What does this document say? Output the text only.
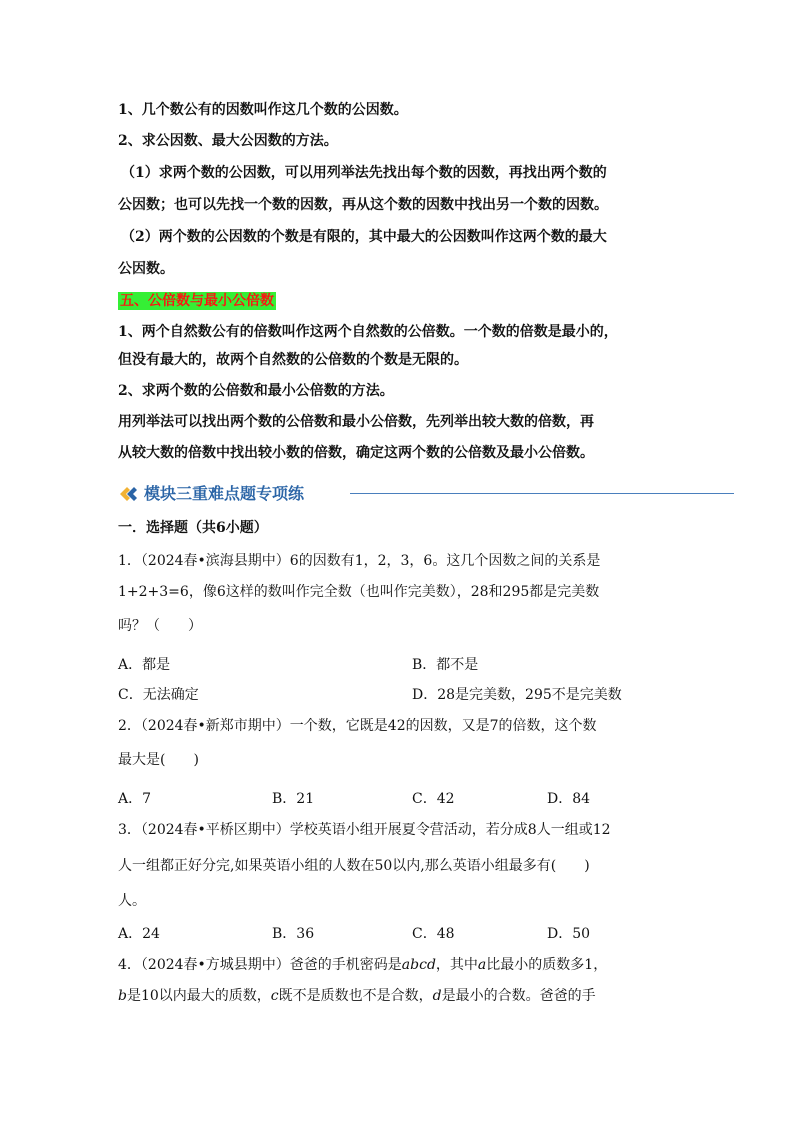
1、几个数公有的因数叫作这几个数的公因数。
2、求公因数、最大公因数的方法。
（1）求两个数的公因数，可以用列举法先找出每个数的因数，再找出两个数的
公因数；也可以先找一个数的因数，再从这个数的因数中找出另一个数的因数。
（2）两个数的公因数的个数是有限的，其中最大的公因数叫作这两个数的最大
公因数。
五、公倍数与最小公倍数
1、两个自然数公有的倍数叫作这两个自然数的公倍数。一个数的倍数是最小的，
但没有最大的，故两个自然数的公倍数的个数是无限的。
2、求两个数的公倍数和最小公倍数的方法。
用列举法可以找出两个数的公倍数和最小公倍数，先列举出较大数的倍数，再
从较大数的倍数中找出较小数的倍数，确定这两个数的公倍数及最小公倍数。
模块三重难点题专项练
一．选择题（共6小题）
1．（2024春•滨海县期中）6的因数有1，2，3，6。这几个因数之间的关系是
1+2+3=6，像6这样的数叫作完全数（也叫作完美数），28和295都是完美数
吗？（ ）
A．都是	B．都不是
C．无法确定	D．28是完美数，295不是完美数
2．（2024春•新郑市期中）一个数，它既是42的因数，又是7的倍数，这个数
最大是( )
A．7	B．21	C．42	D．84
3．（2024春•平桥区期中）学校英语小组开展夏令营活动，若分成8人一组或12
人一组都正好分完,如果英语小组的人数在50以内,那么英语小组最多有( )
人。
A．24	B．36	C．48	D．50
4．（2024春•方城县期中）爸爸的手机密码是abcd，其中a比最小的质数多1，
b是10以内最大的质数，c既不是质数也不是合数，d是最小的合数。爸爸的手
